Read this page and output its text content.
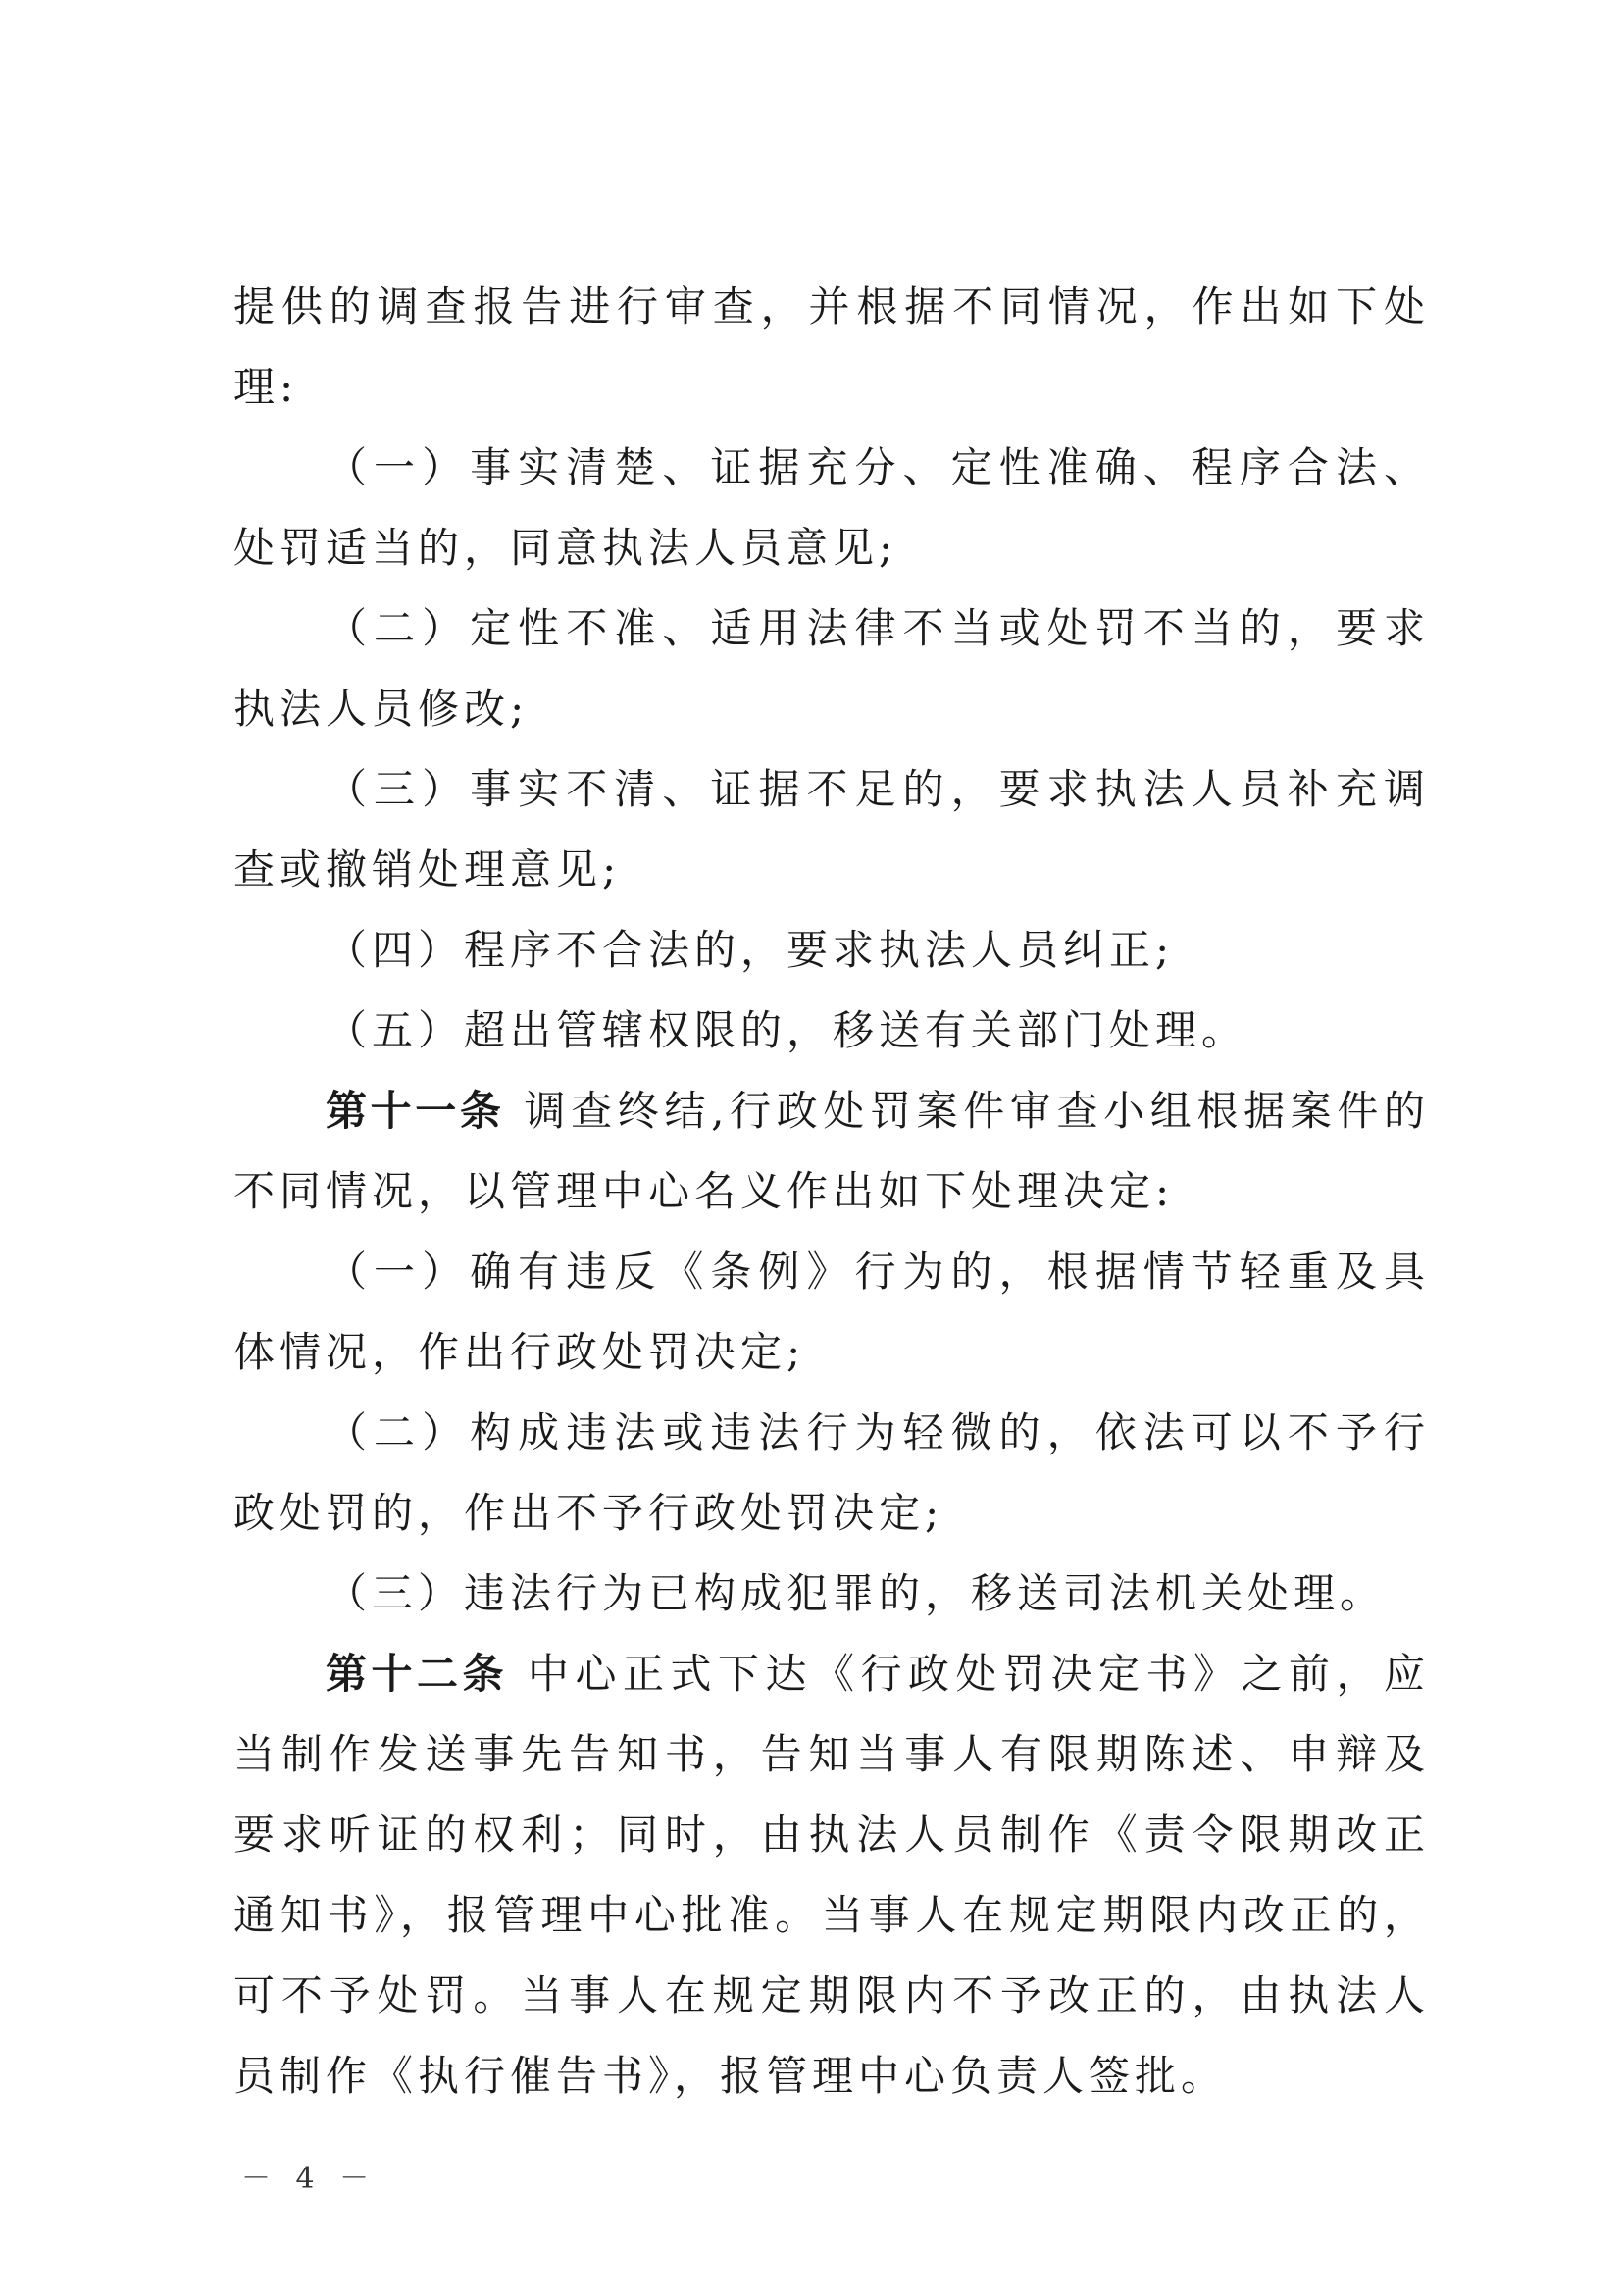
提供的调查报告进行审查，并根据不同情况，作出如下处理:

（一）事实清楚、证据充分、定性准确、程序合法、处罚适当的，同意执法人员意见;

（二）定性不准、适用法律不当或处罚不当的，要求执法人员修改;

（三）事实不清、证据不足的，要求执法人员补充调查或撤销处理意见;

（四）程序不合法的，要求执法人员纠正;

（五）超出管辖权限的，移送有关部门处理。

第十一条 调查终结,行政处罚案件审查小组根据案件的不同情况，以管理中心名义作出如下处理决定:

（一）确有违反《条例》行为的，根据情节轻重及具体情况，作出行政处罚决定;

（二）构成违法或违法行为轻微的，依法可以不予行政处罚的，作出不予行政处罚决定;

（三）违法行为已构成犯罪的，移送司法机关处理。

第十二条 中心正式下达《行政处罚决定书》之前，应当制作发送事先告知书，告知当事人有限期陈述、申辩及要求听证的权利；同时，由执法人员制作《责令限期改正通知书》，报管理中心批准。当事人在规定期限内改正的，可不予处罚。当事人在规定期限内不予改正的，由执法人员制作《执行催告书》，报管理中心负责人签批。

－ 4 －
